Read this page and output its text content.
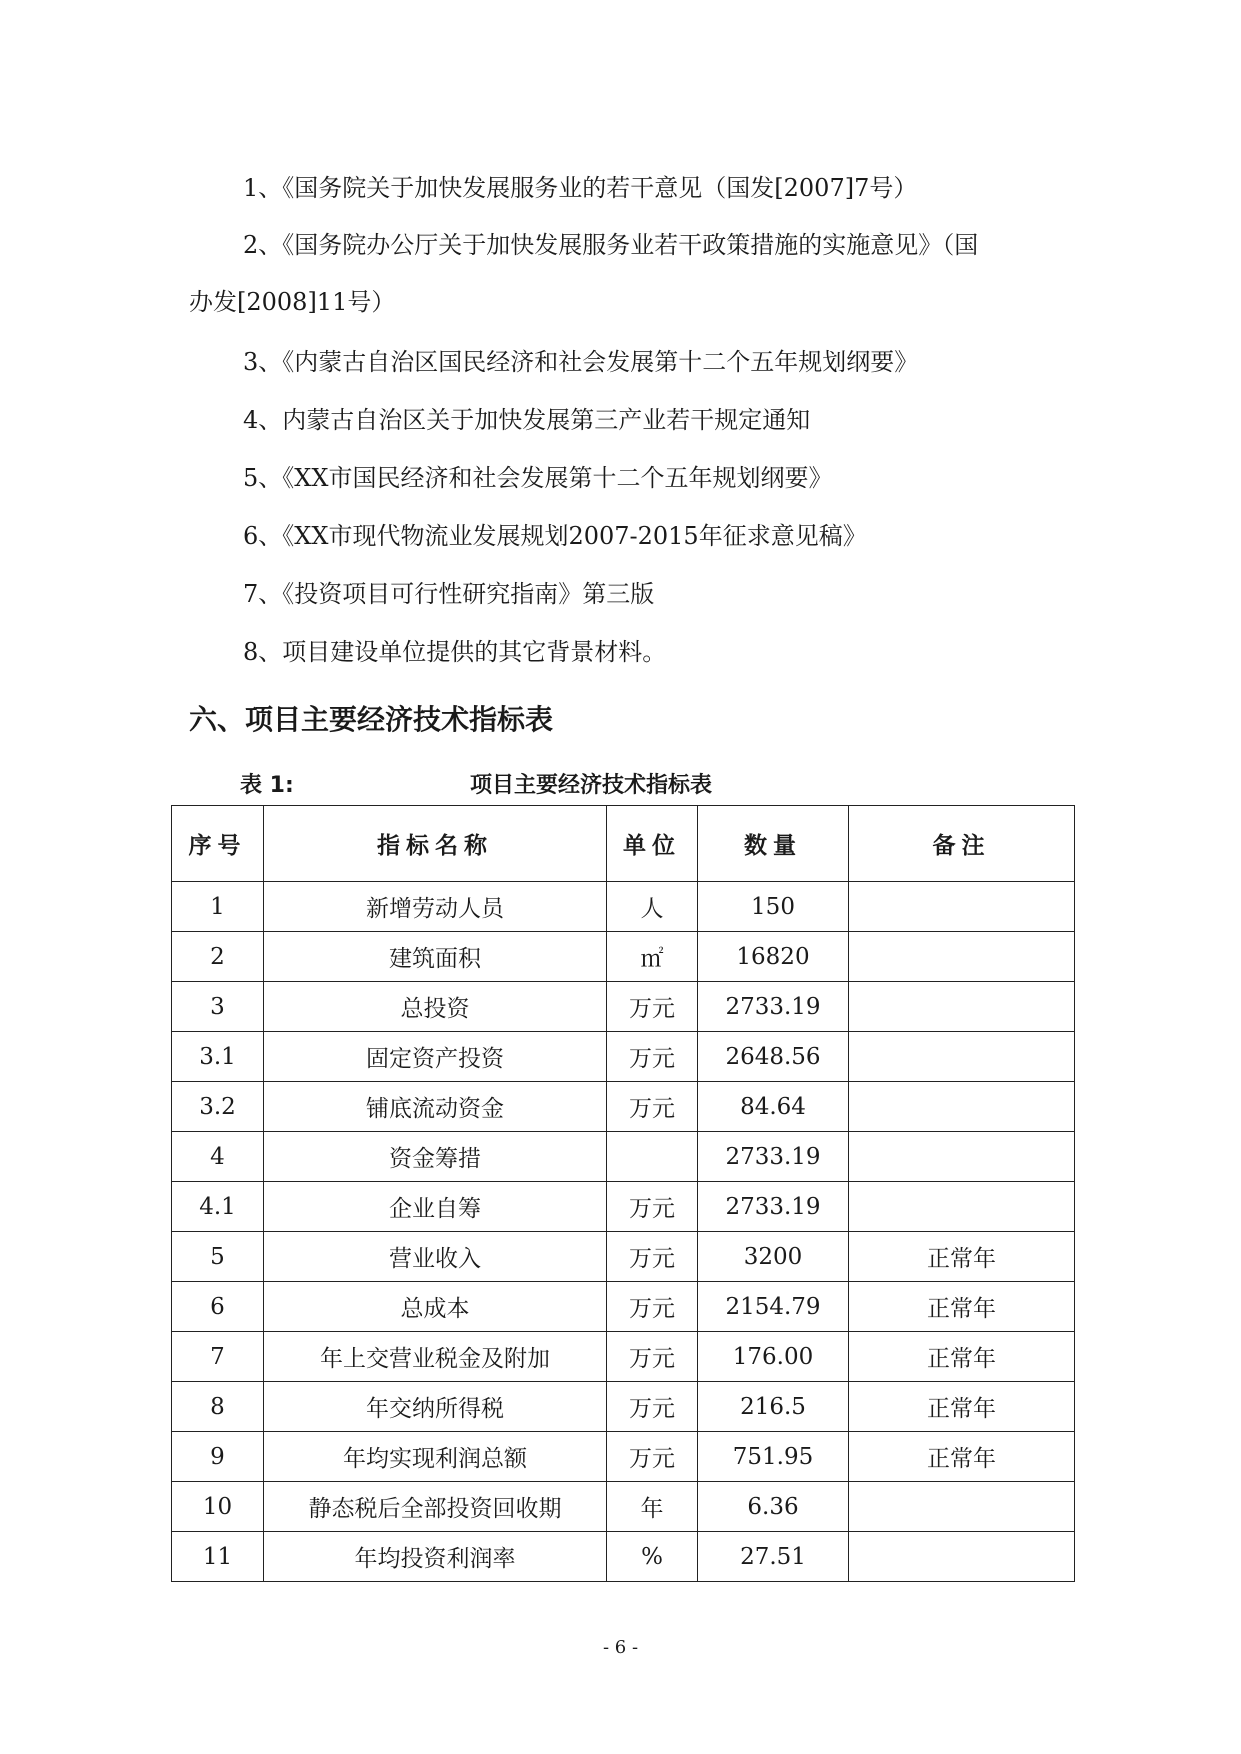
1、《国务院关于加快发展服务业的若干意见（国发[2007]7号）
2、《国务院办公厅关于加快发展服务业若干政策措施的实施意见》（国
办发[2008]11号）
3、《内蒙古自治区国民经济和社会发展第十二个五年规划纲要》
4、内蒙古自治区关于加快发展第三产业若干规定通知
5、《XX市国民经济和社会发展第十二个五年规划纲要》
6、《XX市现代物流业发展规划2007-2015年征求意见稿》
7、《投资项目可行性研究指南》第三版
8、项目建设单位提供的其它背景材料。
六、项目主要经济技术指标表
表 1:	项目主要经济技术指标表
序号	指标名称	单位	数量	备注
1	新增劳动人员	人	150	
2	建筑面积	㎡	16820	
3	总投资	万元	2733.19	
3.1	固定资产投资	万元	2648.56	
3.2	铺底流动资金	万元	84.64	
4	资金筹措		2733.19	
4.1	企业自筹	万元	2733.19	
5	营业收入	万元	3200	正常年
6	总成本	万元	2154.79	正常年
7	年上交营业税金及附加	万元	176.00	正常年
8	年交纳所得税	万元	216.5	正常年
9	年均实现利润总额	万元	751.95	正常年
10	静态税后全部投资回收期	年	6.36	
11	年均投资利润率	%	27.51	
- 6 -
